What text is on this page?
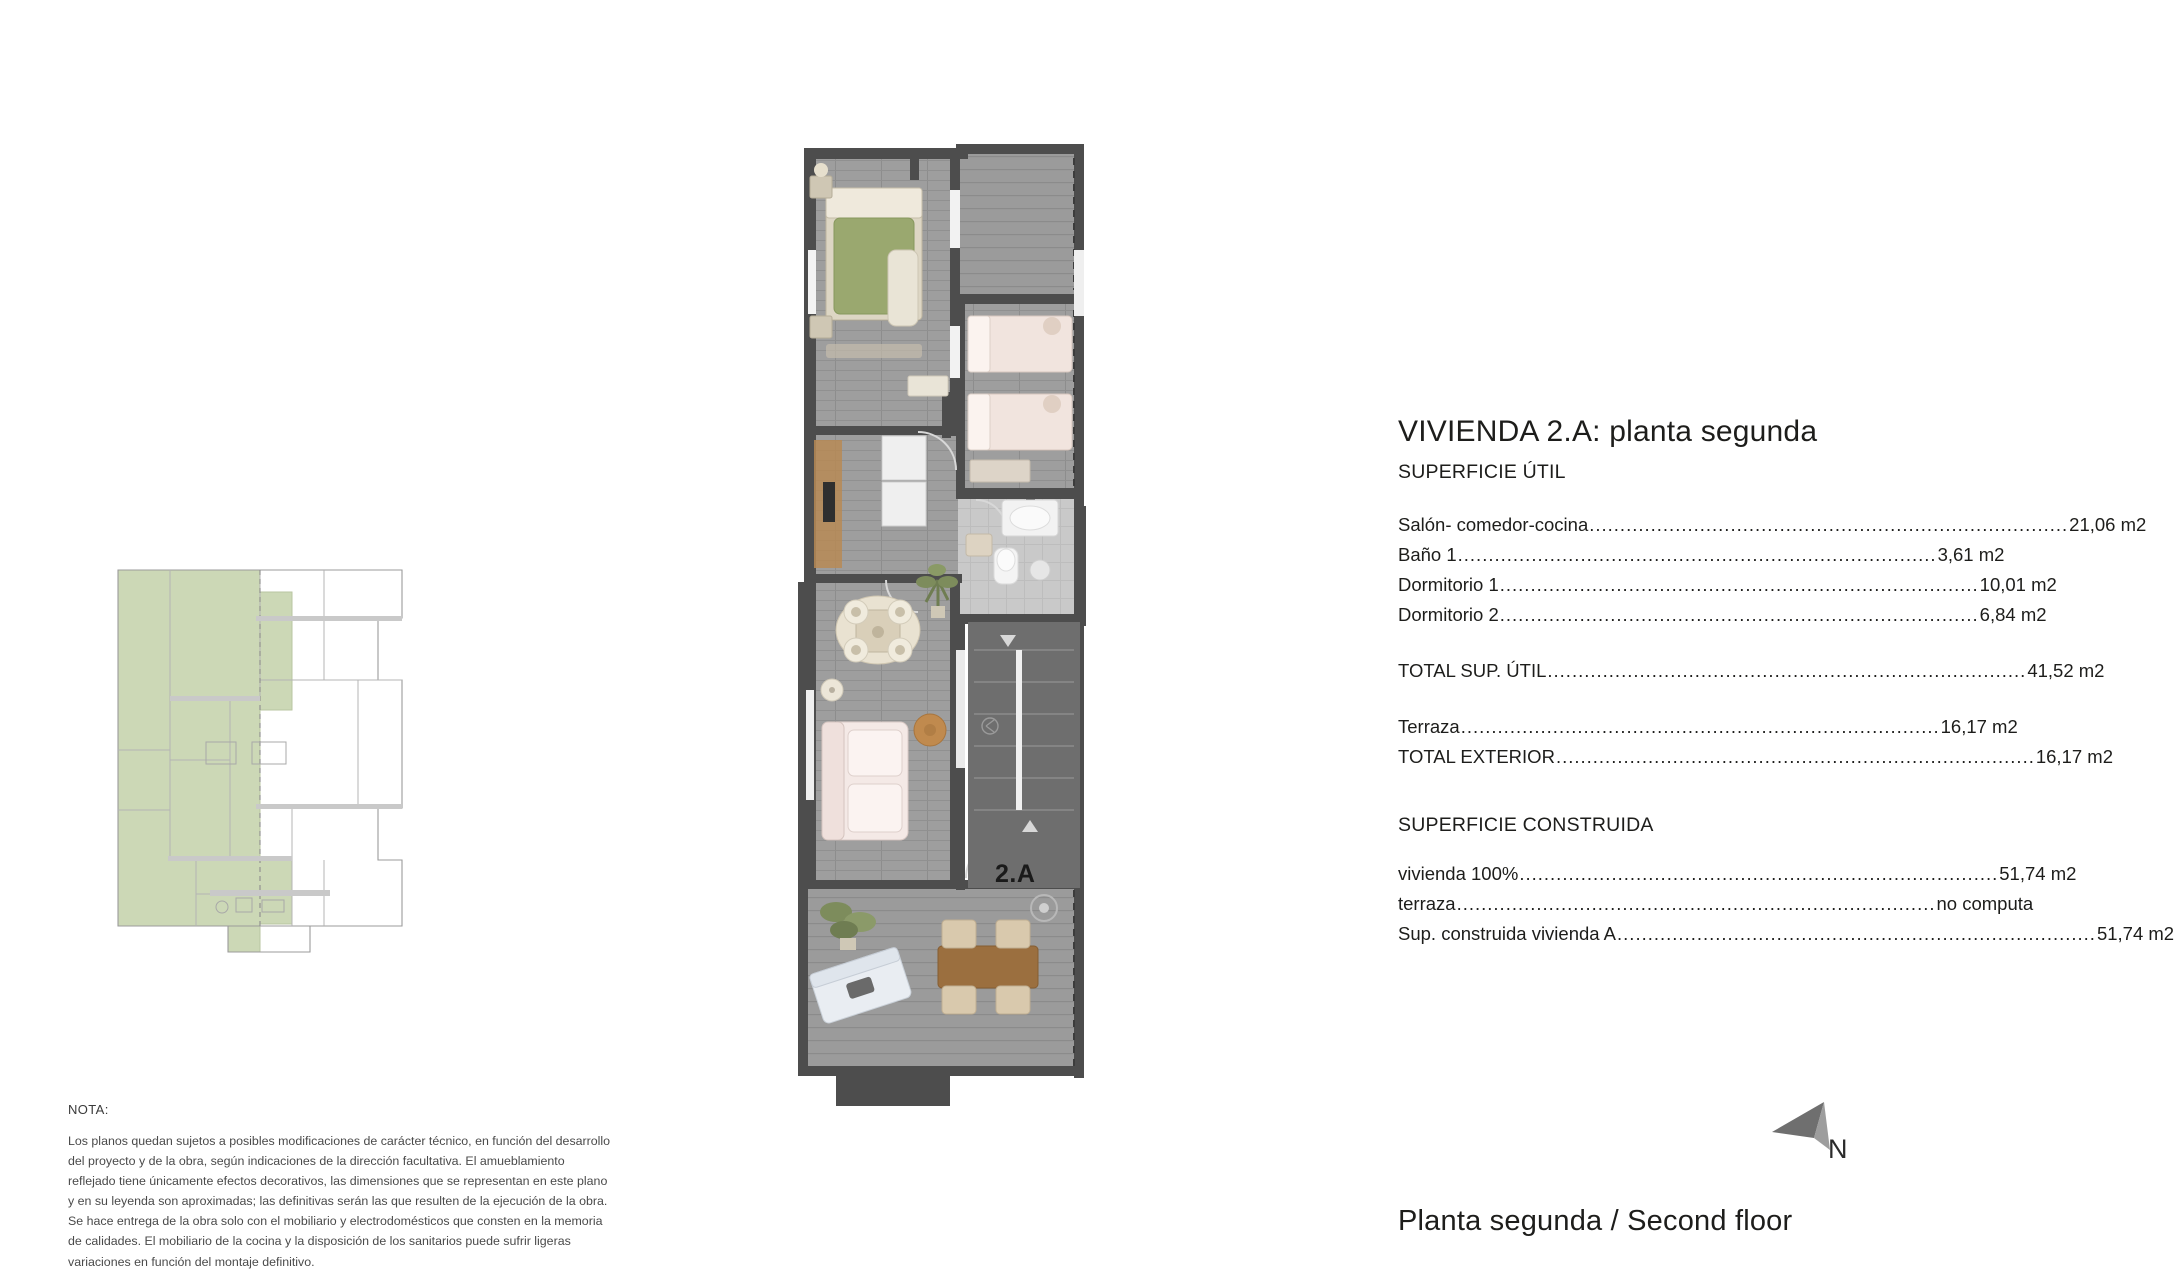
NOTA:
Los planos quedan sujetos a posibles modificaciones de carácter técnico, en función del desarrollo del proyecto y de la obra, según indicaciones de la dirección facultativa. El amueblamiento reflejado tiene únicamente efectos decorativos, las dimensiones que se representan en este plano y en su leyenda son aproximadas; las definitivas serán las que resulten de la ejecución de la obra. Se hace entrega de la obra solo con el mobiliario y electrodomésticos que consten en la memoria de calidades. El mobiliario de la cocina y la disposición de los sanitarios puede sufrir ligeras variaciones en función del montaje definitivo.
2.A
VIVIENDA 2.A: planta segunda

SUPERFICIE ÚTIL

Salón- comedor-cocina .............................................................................. 21,06 m2
Baño 1 .............................................................................. 3,61 m2
Dormitorio 1 .............................................................................. 10,01 m2
Dormitorio 2 .............................................................................. 6,84 m2
TOTAL SUP. ÚTIL .............................................................................. 41,52 m2
Terraza .............................................................................. 16,17 m2
TOTAL EXTERIOR .............................................................................. 16,17 m2

SUPERFICIE CONSTRUIDA

vivienda 100% .............................................................................. 51,74 m2
terraza .............................................................................. no computa
Sup. construida vivienda A .............................................................................. 51,74 m2
N
Planta segunda / Second floor
